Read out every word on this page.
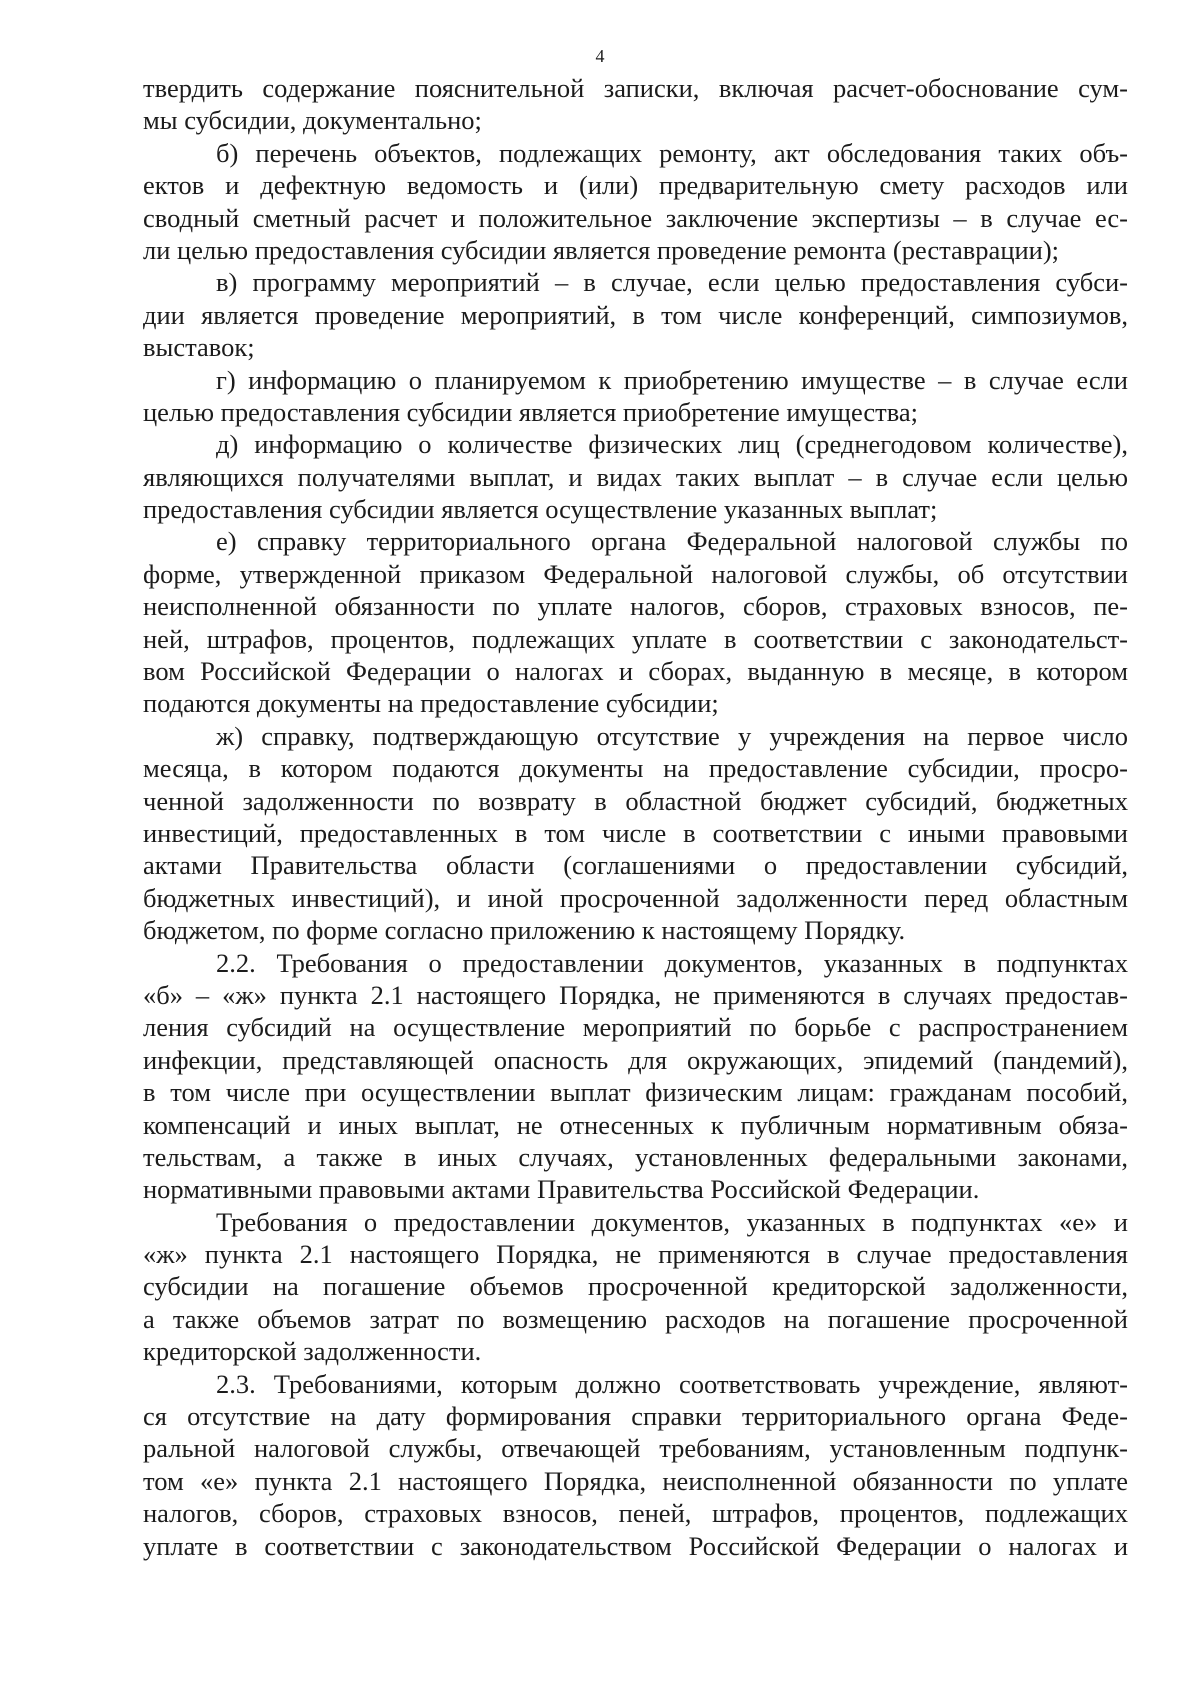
4
твердить содержание пояснительной записки, включая расчет-обоснование сум-
мы субсидии, документально;
б) перечень объектов, подлежащих ремонту, акт обследования таких объ-
ектов и дефектную ведомость и (или) предварительную смету расходов или
сводный сметный расчет и положительное заключение экспертизы – в случае ес-
ли целью предоставления субсидии является проведение ремонта (реставрации);
в) программу мероприятий – в случае, если целью предоставления субси-
дии является проведение мероприятий, в том числе конференций, симпозиумов,
выставок;
г) информацию о планируемом к приобретению имуществе – в случае если
целью предоставления субсидии является приобретение имущества;
д) информацию о количестве физических лиц (среднегодовом количестве),
являющихся получателями выплат, и видах таких выплат – в случае если целью
предоставления субсидии является осуществление указанных выплат;
е) справку территориального органа Федеральной налоговой службы по
форме, утвержденной приказом Федеральной налоговой службы, об отсутствии
неисполненной обязанности по уплате налогов, сборов, страховых взносов, пе-
ней, штрафов, процентов, подлежащих уплате в соответствии с законодательст-
вом Российской Федерации о налогах и сборах, выданную в месяце, в котором
подаются документы на предоставление субсидии;
ж) справку, подтверждающую отсутствие у учреждения на первое число
месяца, в котором подаются документы на предоставление субсидии, просро-
ченной задолженности по возврату в областной бюджет субсидий, бюджетных
инвестиций, предоставленных в том числе в соответствии с иными правовыми
актами Правительства области (соглашениями о предоставлении субсидий,
бюджетных инвестиций), и иной просроченной задолженности перед областным
бюджетом, по форме согласно приложению к настоящему Порядку.
2.2. Требования о предоставлении документов, указанных в подпунктах
«б» – «ж» пункта 2.1 настоящего Порядка, не применяются в случаях предостав-
ления субсидий на осуществление мероприятий по борьбе с распространением
инфекции, представляющей опасность для окружающих, эпидемий (пандемий),
в том числе при осуществлении выплат физическим лицам: гражданам пособий,
компенсаций и иных выплат, не отнесенных к публичным нормативным обяза-
тельствам, а также в иных случаях, установленных федеральными законами,
нормативными правовыми актами Правительства Российской Федерации.
Требования о предоставлении документов, указанных в подпунктах «е» и
«ж» пункта 2.1 настоящего Порядка, не применяются в случае предоставления
субсидии на погашение объемов просроченной кредиторской задолженности,
а также объемов затрат по возмещению расходов на погашение просроченной
кредиторской задолженности.
2.3. Требованиями, которым должно соответствовать учреждение, являют-
ся отсутствие на дату формирования справки территориального органа Феде-
ральной налоговой службы, отвечающей требованиям, установленным подпунк-
том «е» пункта 2.1 настоящего Порядка, неисполненной обязанности по уплате
налогов, сборов, страховых взносов, пеней, штрафов, процентов, подлежащих
уплате в соответствии с законодательством Российской Федерации о налогах и
